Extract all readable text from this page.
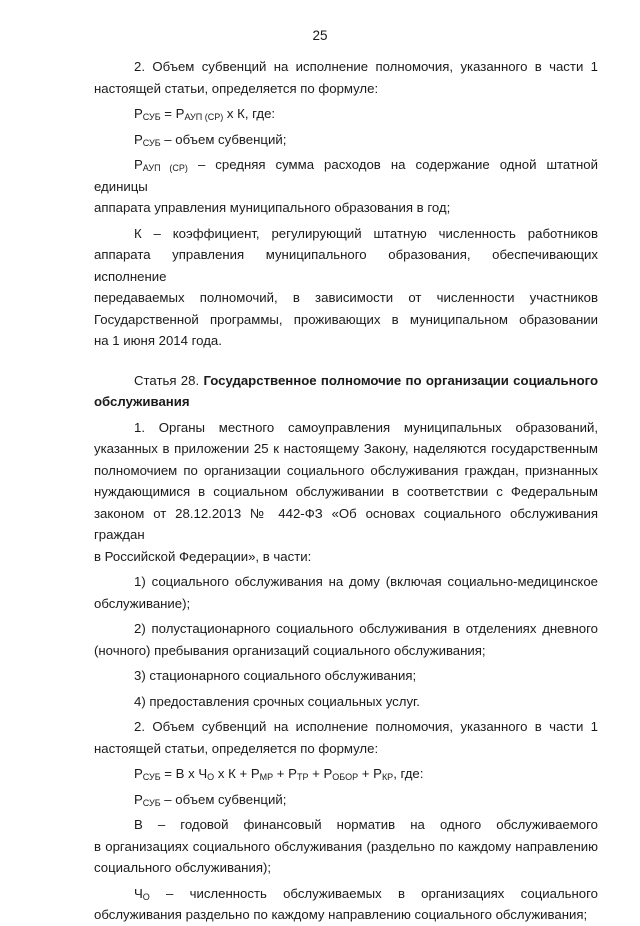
25

2. Объем субвенций на исполнение полномочия, указанного в части 1

настоящей статьи, определяется по формуле:

$Р_{СУБ} = Р_{АУП (СР)}$ х К, где:

$Р_{СУБ}$ – объем субвенций;

$Р_{АУП (СР)}$ – средняя сумма расходов на содержание одной штатной единицы

аппарата управления муниципального образования в год;

К – коэффициент, регулирующий штатную численность работников

аппарата управления муниципального образования, обеспечивающих исполнение

передаваемых полномочий, в зависимости от численности участников

Государственной программы, проживающих в муниципальном образовании

на 1 июня 2014 года.

Статья 28. Государственное полномочие по организации социального

обслуживания

1. Органы местного самоуправления муниципальных образований,

указанных в приложении 25 к настоящему Закону, наделяются государственным

полномочием по организации социального обслуживания граждан, признанных

нуждающимися в социальном обслуживании в соответствии с Федеральным

законом от 28.12.2013 № 442-ФЗ «Об основах социального обслуживания граждан

в Российской Федерации», в части:

1) социального обслуживания на дому (включая социально-медицинское

обслуживание);

2) полустационарного социального обслуживания в отделениях дневного

(ночного) пребывания организаций социального обслуживания;

3) стационарного социального обслуживания;

4) предоставления срочных социальных услуг.

2. Объем субвенций на исполнение полномочия, указанного в части 1

настоящей статьи, определяется по формуле:

$Р_{СУБ} = В$ х $Ч_О$ х $К + Р_{МР} + Р_{ТР} + Р_{ОБОР} + Р_{КР}$, где:

$Р_{СУБ}$ – объем субвенций;

В – годовой финансовый норматив на одного обслуживаемого

в организациях социального обслуживания (раздельно по каждому направлению

социального обслуживания);

$Ч_О$ – численность обслуживаемых в организациях социального

обслуживания раздельно по каждому направлению социального обслуживания;
